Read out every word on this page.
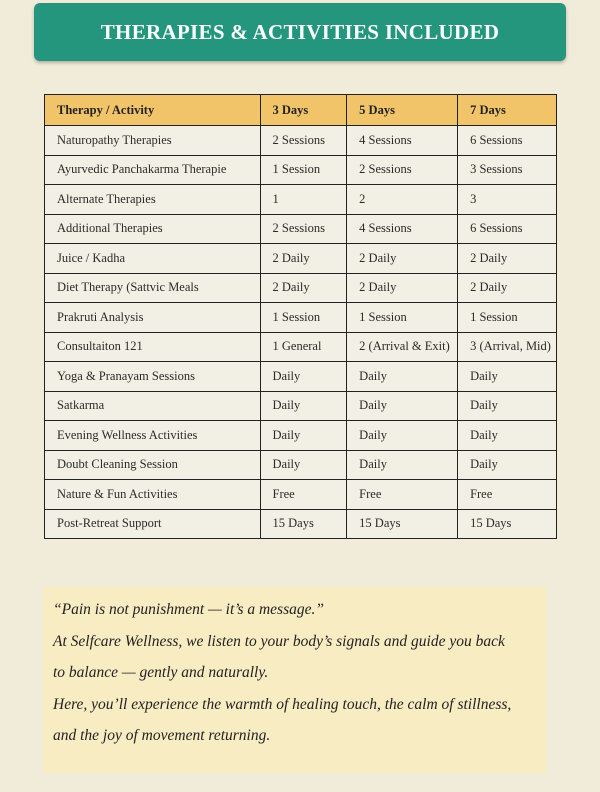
THERAPIES & ACTIVITIES INCLUDED
Therapy / Activity	3 Days	5 Days	7 Days
Naturopathy Therapies	2 Sessions	4 Sessions	6 Sessions
Ayurvedic Panchakarma Therapie	1 Session	2 Sessions	3 Sessions
Alternate Therapies	1	2	3
Additional Therapies	2 Sessions	4 Sessions	6 Sessions
Juice / Kadha	2 Daily	2 Daily	2 Daily
Diet Therapy (Sattvic Meals	2 Daily	2 Daily	2 Daily
Prakruti Analysis	1 Session	1 Session	1 Session
Consultaiton 121	1 General	2 (Arrival & Exit)	3 (Arrival, Mid)
Yoga & Pranayam Sessions	Daily	Daily	Daily
Satkarma	Daily	Daily	Daily
Evening Wellness Activities	Daily	Daily	Daily
Doubt Cleaning Session	Daily	Daily	Daily
Nature & Fun Activities	Free	Free	Free
Post-Retreat Support	15 Days	15 Days	15 Days

“Pain is not punishment — it’s a message.”

At Selfcare Wellness, we listen to your body’s signals and guide you back

to balance — gently and naturally.

Here, you’ll experience the warmth of healing touch, the calm of stillness,

and the joy of movement returning.
